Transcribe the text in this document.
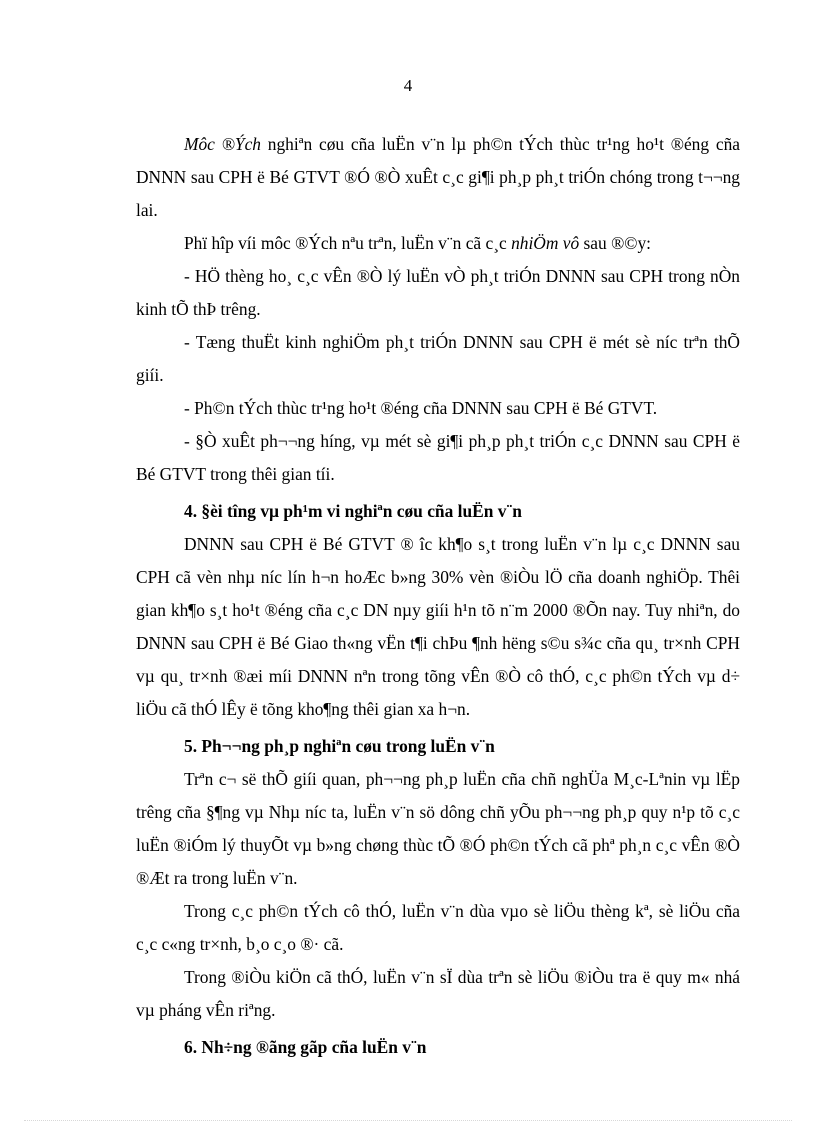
4

Môc ®Ých nghiªn cøu cña luËn v¨n lµ ph©n tÝch thùc tr¹ng ho¹t ®éng cña DNNN sau CPH ë Bé GTVT ®Ó ®Ò xuÊt c¸c gi¶i ph¸p ph¸t triÓn chóng trong t¬¬ng lai.

Phï hîp víi môc ®Ých nªu trªn, luËn v¨n cã c¸c nhiÖm vô sau ®©y:

- HÖ thèng ho¸ c¸c vÊn ®Ò lý luËn vÒ ph¸t triÓn DNNN sau CPH trong nÒn kinh tÕ thÞ trêng.

- Tæng thuËt kinh nghiÖm ph¸t triÓn DNNN sau CPH ë mét sè níc trªn thÕ giíi.

- Ph©n tÝch thùc tr¹ng ho¹t ®éng cña DNNN sau CPH ë Bé GTVT.

- §Ò xuÊt ph¬¬ng híng, vµ mét sè gi¶i ph¸p ph¸t triÓn c¸c DNNN sau CPH ë Bé GTVT trong thêi gian tíi.

4. §èi tîng vµ ph¹m vi nghiªn cøu cña luËn v¨n

DNNN sau CPH ë Bé GTVT ® îc kh¶o s¸t trong luËn v¨n lµ c¸c DNNN sau CPH cã vèn nhµ níc lín h¬n hoÆc b»ng 30% vèn ®iÒu lÖ cña doanh nghiÖp. Thêi gian kh¶o s¸t ho¹t ®éng cña c¸c DN nµy giíi h¹n tõ n¨m 2000 ®Õn nay. Tuy nhiªn, do DNNN sau CPH ë Bé Giao th«ng vËn t¶i chÞu ¶nh hëng s©u s¾c cña qu¸ tr×nh CPH vµ qu¸ tr×nh ®æi míi DNNN nªn trong tõng vÊn ®Ò cô thÓ, c¸c ph©n tÝch vµ d÷ liÖu cã thÓ lÊy ë tõng kho¶ng thêi gian xa h¬n.

5. Ph¬¬ng ph¸p nghiªn cøu trong luËn v¨n

Trªn c¬ së thÕ giíi quan, ph¬¬ng ph¸p luËn cña chñ nghÜa M¸c-Lªnin vµ lËp trêng cña §¶ng vµ Nhµ níc ta, luËn v¨n sö dông chñ yÕu ph¬¬ng ph¸p quy n¹p tõ c¸c luËn ®iÓm lý thuyÕt vµ b»ng chøng thùc tÕ ®Ó ph©n tÝch cã phª ph¸n c¸c vÊn ®Ò ®Æt ra trong luËn v¨n.

Trong c¸c ph©n tÝch cô thÓ, luËn v¨n dùa vµo sè liÖu thèng kª, sè liÖu cña c¸c c«ng tr×nh, b¸o c¸o ®· cã.

Trong ®iÒu kiÖn cã thÓ, luËn v¨n sÏ dùa trªn sè liÖu ®iÒu tra ë quy m« nhá vµ pháng vÊn riªng.

6. Nh÷ng ®ãng gãp cña luËn v¨n
